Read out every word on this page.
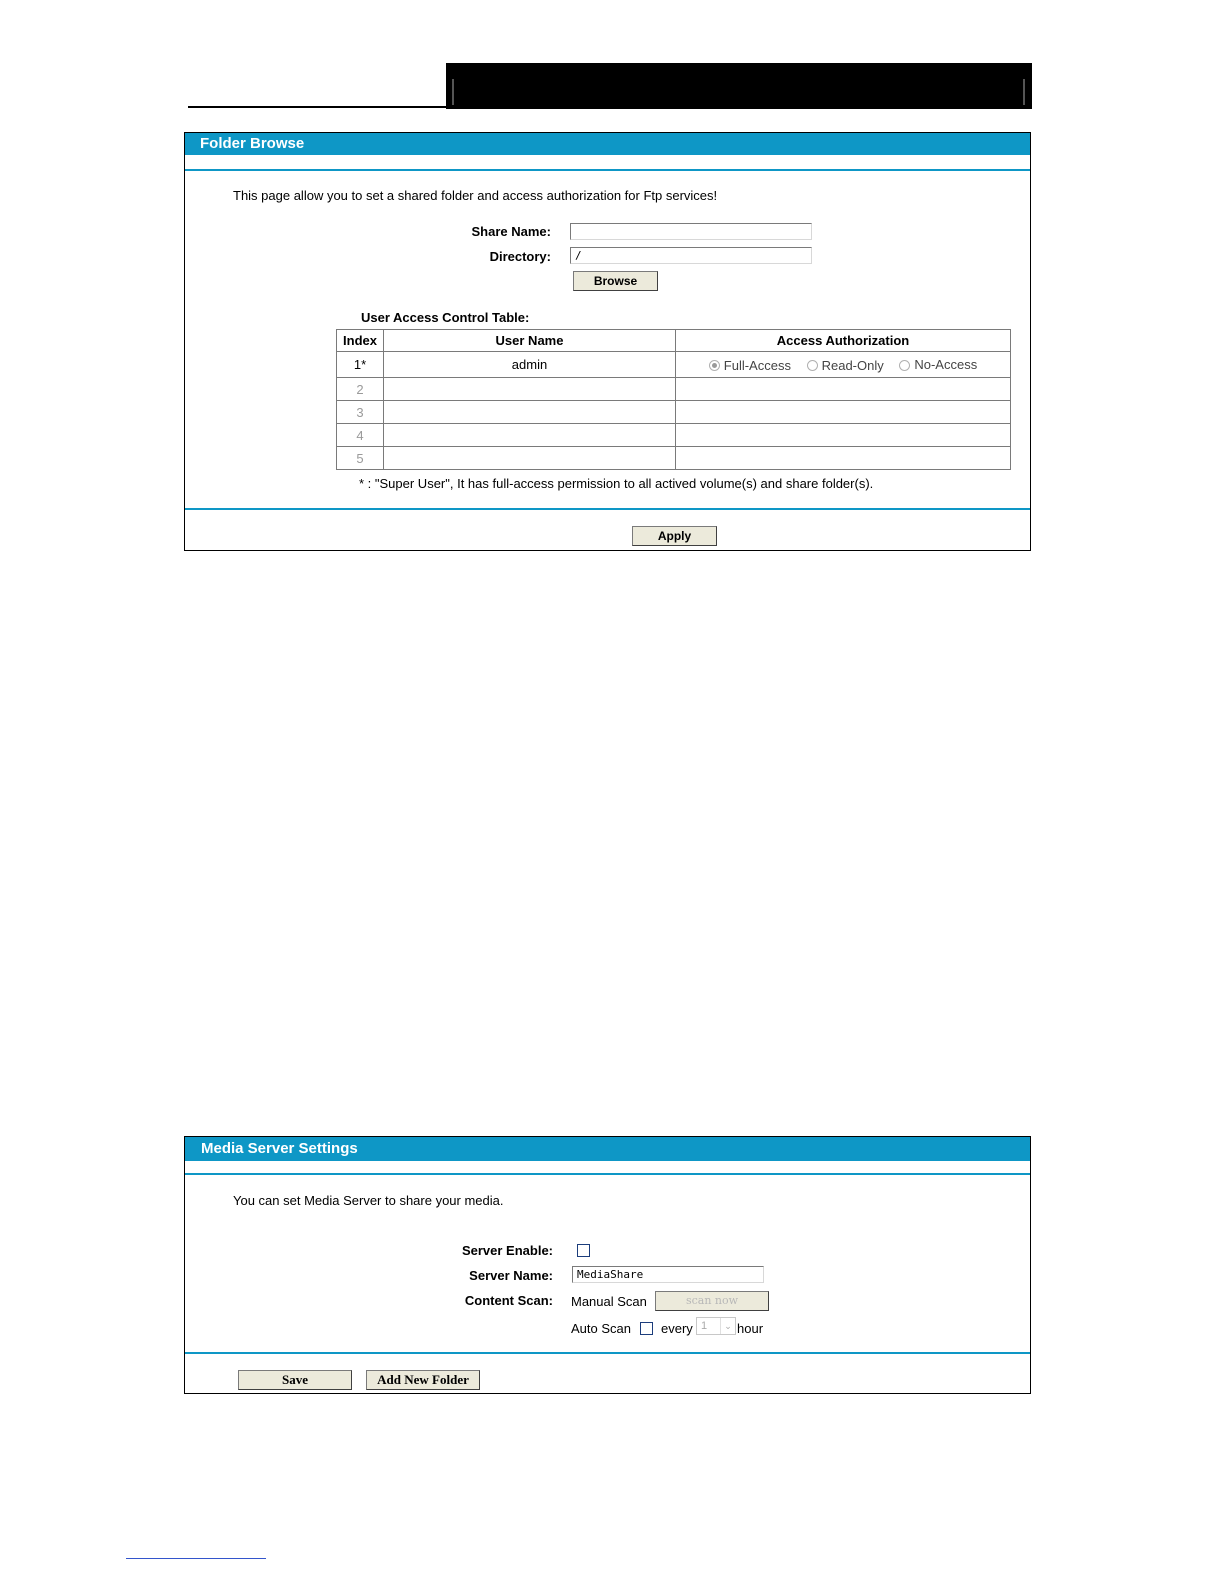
Folder Browse
This page allow you to set a shared folder and access authorization for Ftp services!
Share Name:
Directory:	/
Browse
User Access Control Table:
Index	User Name	Access Authorization
1*	admin	Full-Access Read-Only No-Access
2		
3		
4		
5		
* : "Super User", It has full-access permission to all actived volume(s) and share folder(s).
Apply
Media Server Settings
You can set Media Server to share your media.
Server Enable:
Server Name:	MediaShare
Content Scan: Manual Scan	scan now
Auto Scan every 1	⌄ hour
Save	Add New Folder
